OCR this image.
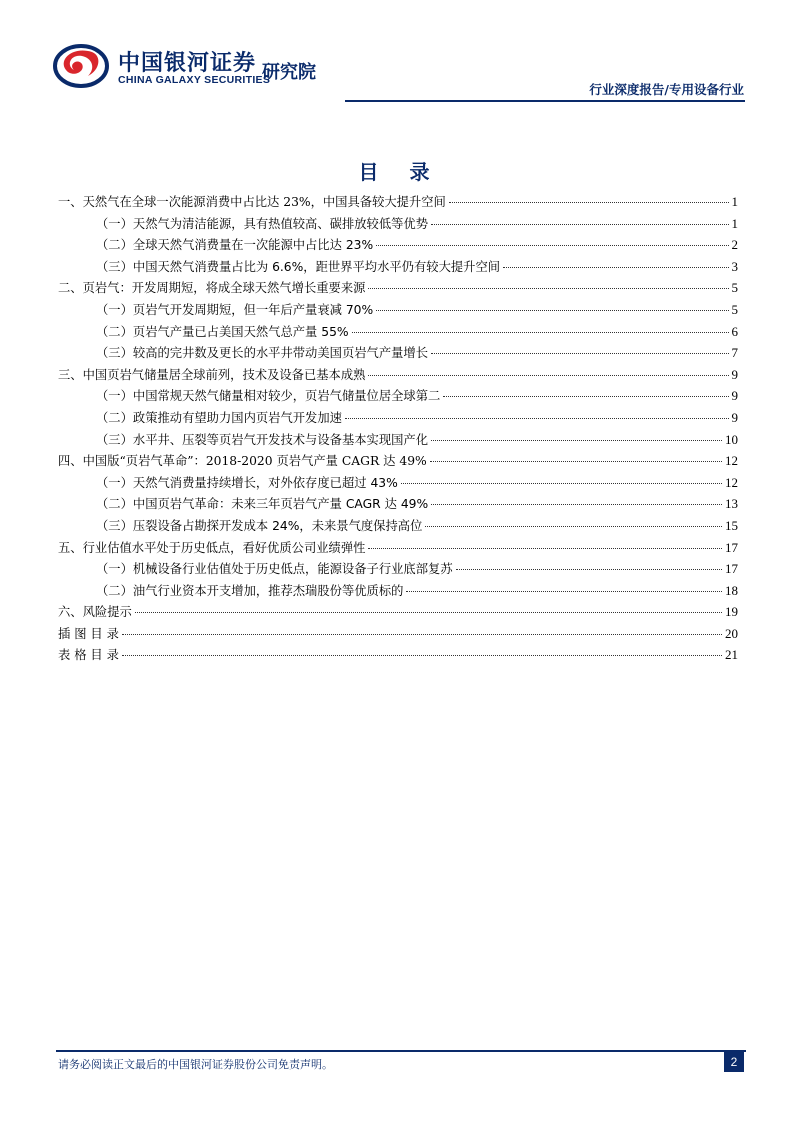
中国银河证券
CHINA GALAXY SECURITIES
研究院
行业深度报告/专用设备行业
目 录
一、天然气在全球一次能源消费中占比达 23%，中国具备较大提升空间	1
（一）天然气为清洁能源，具有热值较高、碳排放较低等优势	1
（二）全球天然气消费量在一次能源中占比达 23%	2
（三）中国天然气消费量占比为 6.6%，距世界平均水平仍有较大提升空间	3
二、页岩气：开发周期短，将成全球天然气增长重要来源	5
（一）页岩气开发周期短，但一年后产量衰减 70%	5
（二）页岩气产量已占美国天然气总产量 55%	6
（三）较高的完井数及更长的水平井带动美国页岩气产量增长	7
三、中国页岩气储量居全球前列，技术及设备已基本成熟	9
（一）中国常规天然气储量相对较少，页岩气储量位居全球第二	9
（二）政策推动有望助力国内页岩气开发加速	9
（三）水平井、压裂等页岩气开发技术与设备基本实现国产化	10
四、中国版“页岩气革命”：2018-2020 页岩气产量 CAGR 达 49%	12
（一）天然气消费量持续增长，对外依存度已超过 43%	12
（二）中国页岩气革命：未来三年页岩气产量 CAGR 达 49%	13
（三）压裂设备占勘探开发成本 24%，未来景气度保持高位	15
五、行业估值水平处于历史低点，看好优质公司业绩弹性	17
（一）机械设备行业估值处于历史低点，能源设备子行业底部复苏	17
（二）油气行业资本开支增加，推荐杰瑞股份等优质标的	18
六、风险提示	19
插 图 目 录	20
表 格 目 录	21
请务必阅读正文最后的中国银河证券股份公司免责声明。	2
